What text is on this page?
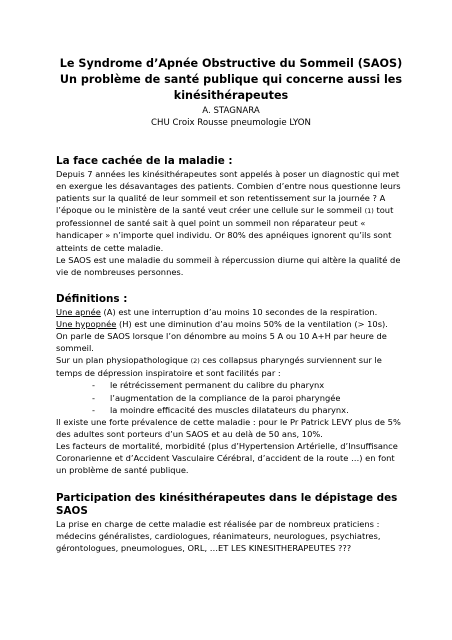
Le Syndrome d’Apnée Obstructive du Sommeil (SAOS)

Un problème de santé publique qui concerne aussi les

kinésithérapeutes

A. STAGNARA

CHU Croix Rousse pneumologie LYON

La face cachée de la maladie :

Depuis 7 années les kinésithérapeutes sont appelés à poser un diagnostic qui met en exergue les désavantages des patients. Combien d’entre nous questionne leurs patients sur la qualité de leur sommeil et son retentissement sur la journée ? A l’époque ou le ministère de la santé veut créer une cellule sur le sommeil (1) tout professionnel de santé sait à quel point un sommeil non réparateur peut « handicaper » n’importe quel individu. Or 80% des apnéiques ignorent qu’ils sont atteints de cette maladie.

Le SAOS est une maladie du sommeil à répercussion diurne qui altère la qualité de vie de nombreuses personnes.

Définitions :

Une apnée (A) est une interruption d’au moins 10 secondes de la respiration.

Une hypopnée (H) est une diminution d’au moins 50% de la ventilation (> 10s).

On parle de SAOS lorsque l’on dénombre au moins 5 A ou 10 A+H par heure de sommeil.

Sur un plan physiopathologique (2) ces collapsus pharyngés surviennent sur le temps de dépression inspiratoire et sont facilités par :

- le rétrécissement permanent du calibre du pharynx
- l’augmentation de la compliance de la paroi pharyngée
- la moindre efficacité des muscles dilatateurs du pharynx.

Il existe une forte prévalence de cette maladie : pour le Pr Patrick LEVY plus de 5% des adultes sont porteurs d’un SAOS et au delà de 50 ans, 10%.

Les facteurs de mortalité, morbidité (plus d’Hypertension Artérielle, d’Insuffisance Coronarienne et d’Accident Vasculaire Cérébral, d’accident de la route …) en font un problème de santé publique.

Participation des kinésithérapeutes dans le dépistage des SAOS

La prise en charge de cette maladie est réalisée par de nombreux praticiens : médecins généralistes, cardiologues, réanimateurs, neurologues, psychiatres, gérontologues, pneumologues, ORL, …ET LES KINESITHERAPEUTES ???
